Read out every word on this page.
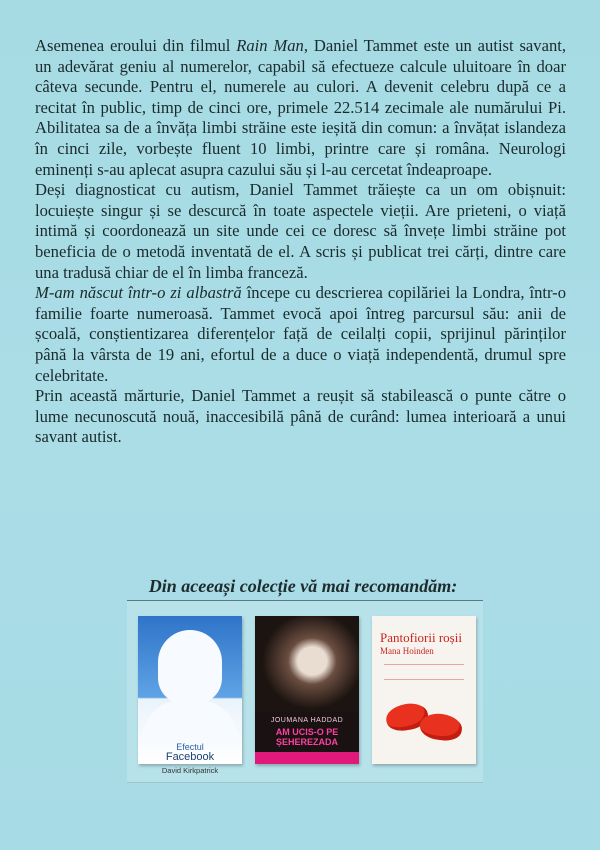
Asemenea eroului din filmul Rain Man, Daniel Tammet este un autist savant, un adevărat geniu al numerelor, capabil să efectueze calcule uluitoare în doar câteva secunde. Pentru el, numerele au culori. A devenit celebru după ce a recitat în public, timp de cinci ore, primele 22.514 zecimale ale numărului Pi. Abilitatea sa de a învăța limbi străine este ieșită din comun: a învățat islandeza în cinci zile, vorbește fluent 10 limbi, printre care și româna. Neurologi eminenți s-au aplecat asupra cazului său și l-au cercetat îndeaproape.

Deși diagnosticat cu autism, Daniel Tammet trăiește ca un om obișnuit: locuiește singur și se descurcă în toate aspectele vieții. Are prieteni, o viață intimă și coordonează un site unde cei ce doresc să învețe limbi străine pot beneficia de o metodă inventată de el. A scris și publicat trei cărți, dintre care una tradusă chiar de el în limba franceză.

M-am născut într-o zi albastră începe cu descrierea copilăriei la Londra, într-o familie foarte numeroasă. Tammet evocă apoi întreg parcursul său: anii de școală, conștientizarea diferențelor față de ceilalți copii, sprijinul părinților până la vârsta de 19 ani, efortul de a duce o viață independentă, drumul spre celebritate.

Prin această mărturie, Daniel Tammet a reușit să stabilească o punte către o lume necunoscută nouă, inaccesibilă până de curând: lumea interioară a unui savant autist.

Din aceeași colecție vă mai recomandăm:
Efectul
Facebook
David Kirkpatrick
JOUMANA HADDAD
AM UCIS-O PE ȘEHEREZADA
Pantofiorii roșii
Mana Hoinden
